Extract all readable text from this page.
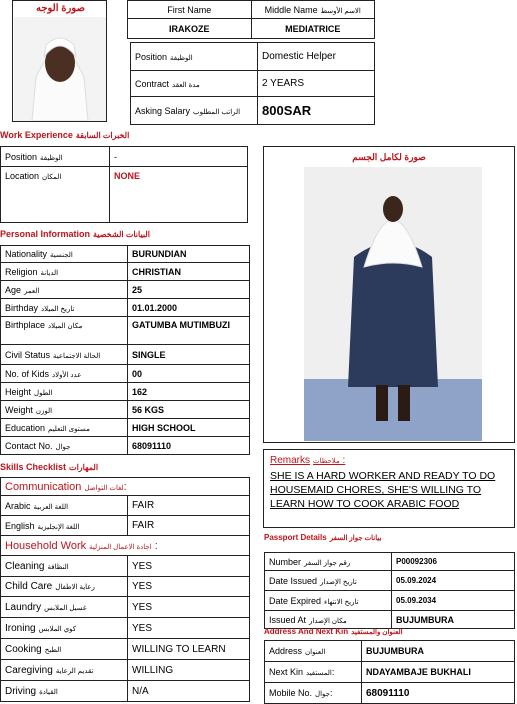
صورة الوجه	First Name	Middle Name الاسم الأوسط
IRAKOZE	MEDIATRICE
Position الوظيفة	Domestic Helper
Contract مدة العقد	2 YEARS
Asking Salary الراتب المطلوب	800SAR
Work Experience الخبرات السابقة
Position الوظيفة	-
Location المكان	NONE
Personal Information البيانات الشخصية
Nationality الجنسية	BURUNDIAN
Religion الديانة	CHRISTIAN
Age العمر	25
Birthday تاريخ الميلاد	01.01.2000
Birthplace مكان الميلاد	GATUMBA MUTIMBUZI
Civil Status الحالة الاجتماعية	SINGLE
No. of Kids عدد الأولاد	00
Height الطول	162
Weight الوزن	56 KGS
Education مستوى التعليم	HIGH SCHOOL
Contact No. جوال	68091110
Skills Checklist المهارات
Communication لغات التواصل:	
Arabic اللغة العربية	FAIR
English اللغة الإنجليزية	FAIR
Household Work اجادة الاعمال المنزلية :	
Cleaning النظافة	YES
Child Care رعاية الاطفال	YES
Laundry غسيل الملابس	YES
Ironing كوي الملابس	YES
Cooking الطبخ	WILLING TO LEARN
Caregiving تقديم الرعاية	WILLING
Driving القيادة	N/A
صورة لكامل الجسم
Remarks ملاحظات :
SHE IS A HARD WORKER AND READY TO DO HOUSEMAID CHORES, SHE'S WILLING TO LEARN HOW TO COOK ARABIC FOOD
Passport Details بيانات جواز السفر
Number رقم جواز السفر	P00092306
Date Issued تاريخ الإصدار	05.09.2024
Date Expired تاريخ الانتهاء	05.09.2034
Issued At مكان الإصدار	BUJUMBURA
Address And Next Kin العنوان والمستفيد
Address العنوان	BUJUMBURA
Next Kin المستفيد:	NDAYAMBAJE BUKHALI
Mobile No. جوال:	68091110
